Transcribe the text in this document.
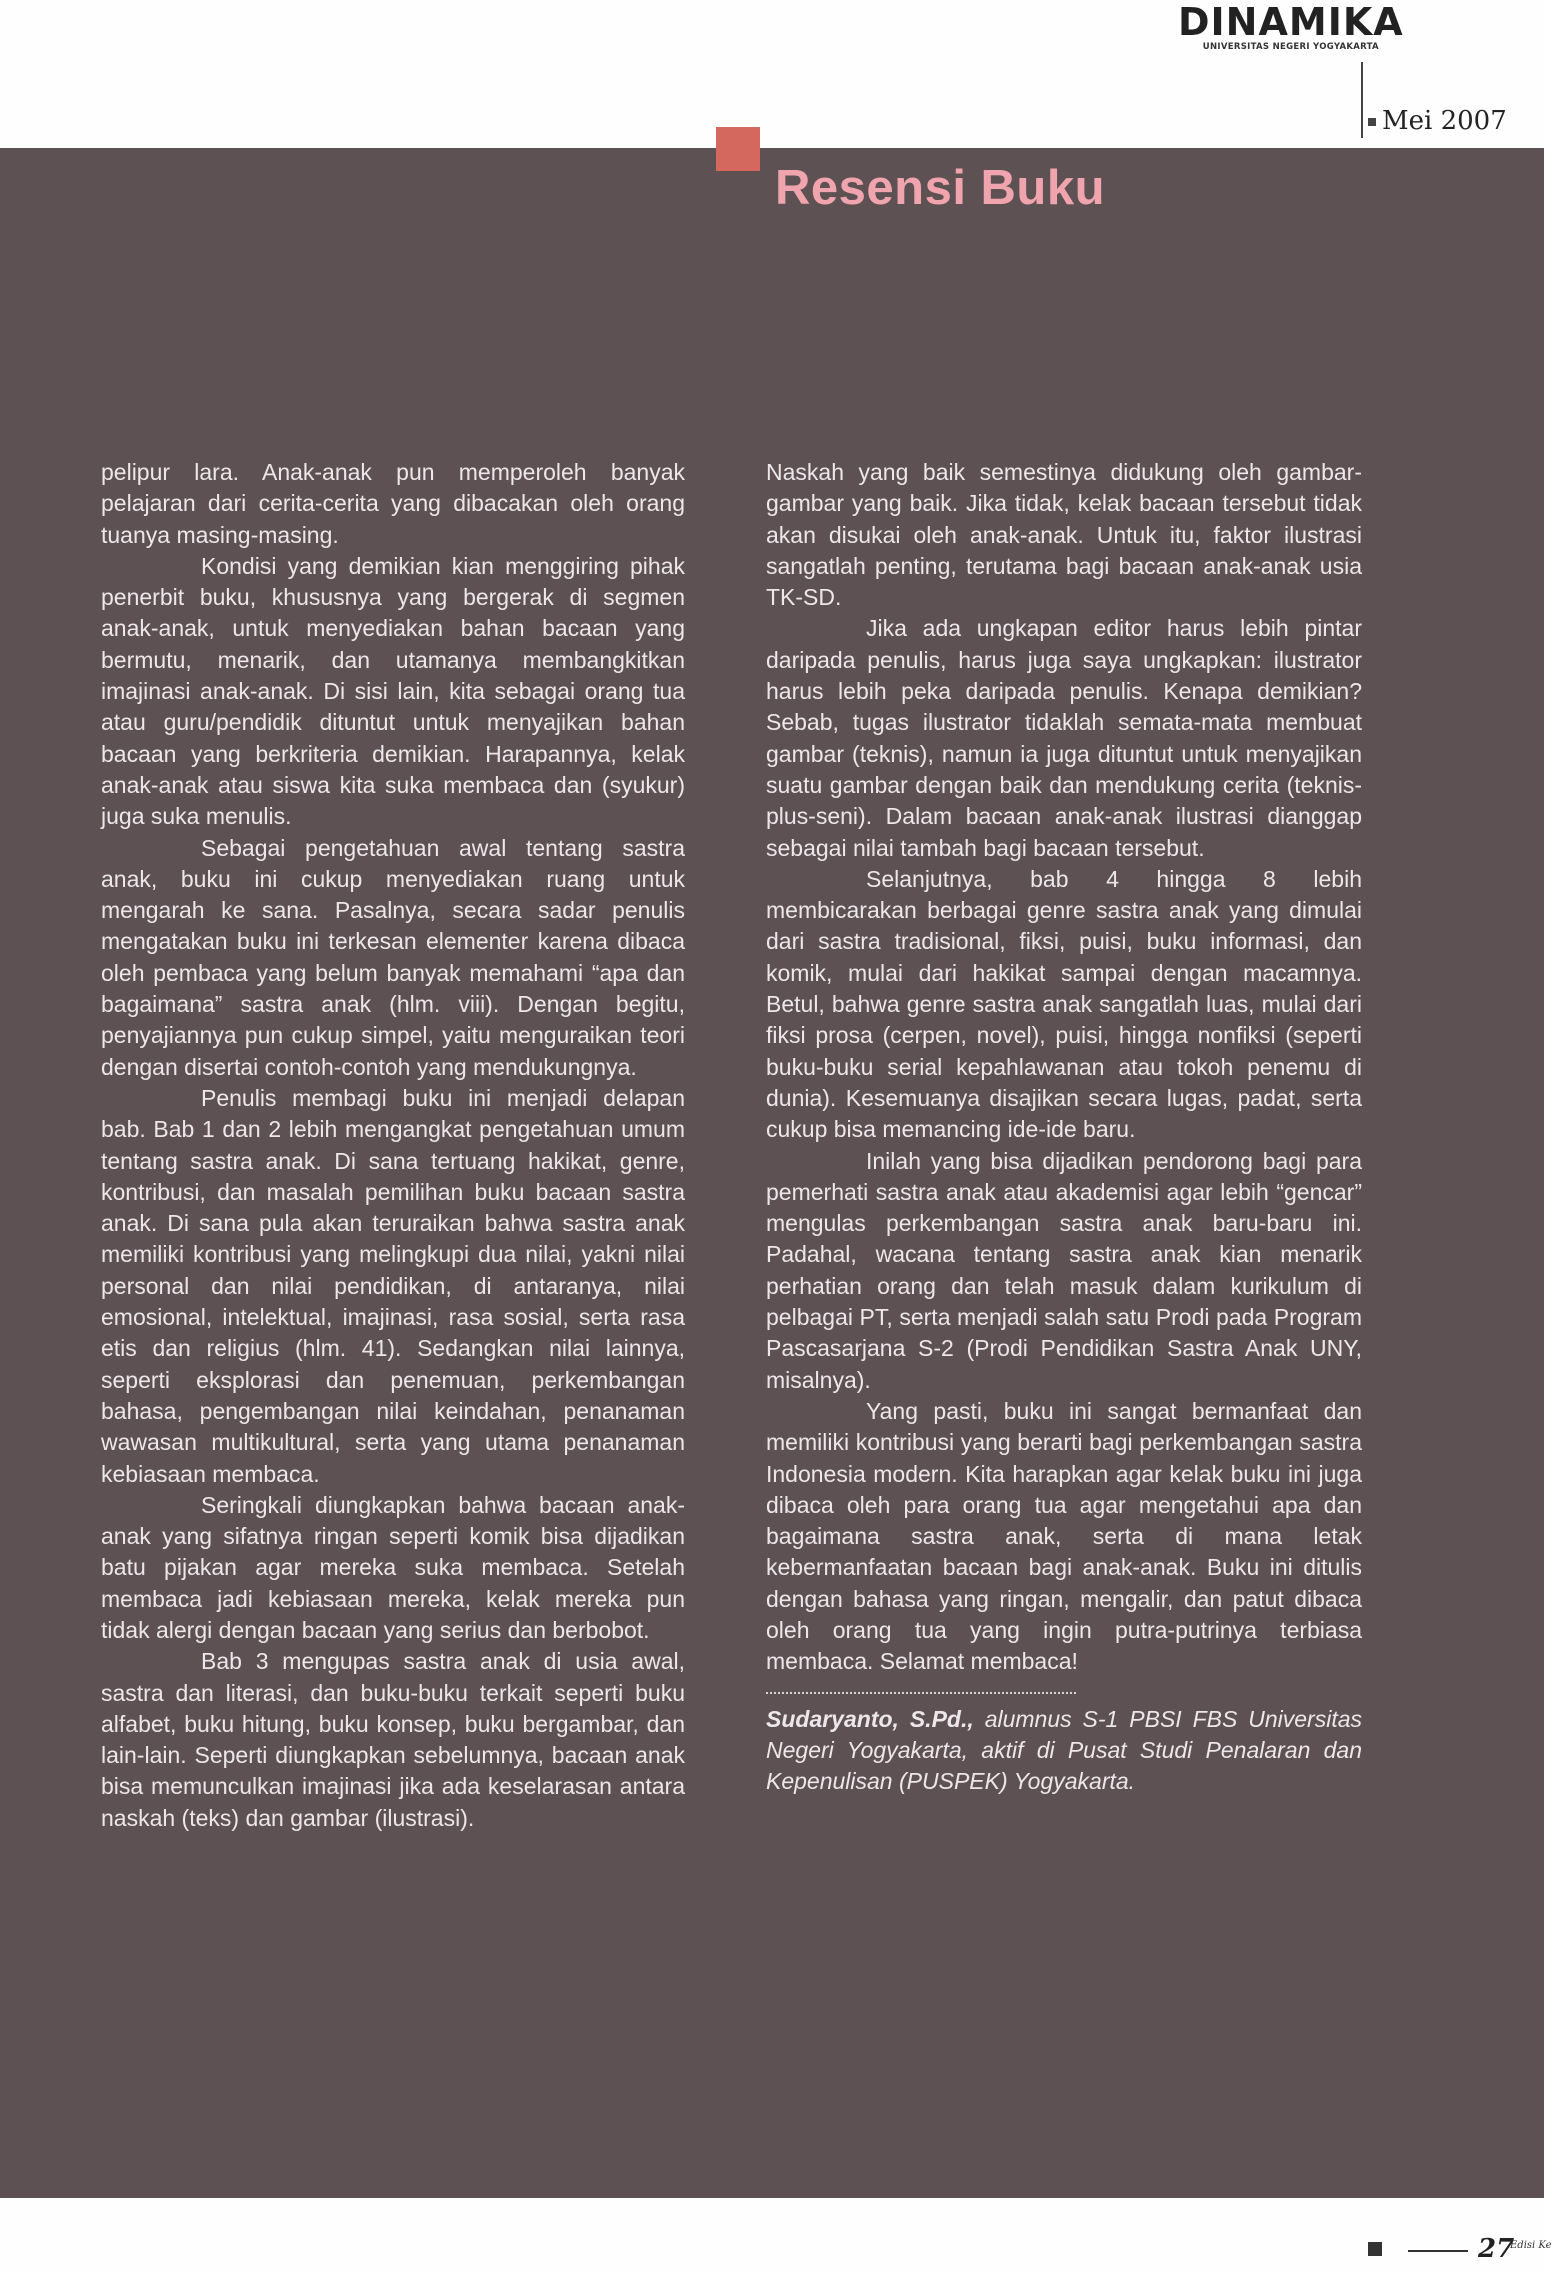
DINAMIKA
UNIVERSITAS NEGERI YOGYAKARTA
Mei 2007
Resensi Buku

pelipur lara. Anak-anak pun memperoleh banyak pelajaran dari cerita-cerita yang dibacakan oleh orang tuanya masing-masing.

Kondisi yang demikian kian menggiring pihak penerbit buku, khususnya yang bergerak di segmen anak-anak, untuk menyediakan bahan bacaan yang bermutu, menarik, dan utamanya membangkitkan imajinasi anak-anak. Di sisi lain, kita sebagai orang tua atau guru/pendidik dituntut untuk menyajikan bahan bacaan yang berkriteria demikian. Harapannya, kelak anak-anak atau siswa kita suka membaca dan (syukur) juga suka menulis.

Sebagai pengetahuan awal tentang sastra anak, buku ini cukup menyediakan ruang untuk mengarah ke sana. Pasalnya, secara sadar penulis mengatakan buku ini terkesan elementer karena dibaca oleh pembaca yang belum banyak memahami “apa dan bagaimana” sastra anak (hlm. viii). Dengan begitu, penyajiannya pun cukup simpel, yaitu menguraikan teori dengan disertai contoh-contoh yang mendukungnya.

Penulis membagi buku ini menjadi delapan bab. Bab 1 dan 2 lebih mengangkat pengetahuan umum tentang sastra anak. Di sana tertuang hakikat, genre, kontribusi, dan masalah pemilihan buku bacaan sastra anak. Di sana pula akan teruraikan bahwa sastra anak memiliki kontribusi yang melingkupi dua nilai, yakni nilai personal dan nilai pendidikan, di antaranya, nilai emosional, intelektual, imajinasi, rasa sosial, serta rasa etis dan religius (hlm. 41). Sedangkan nilai lainnya, seperti eksplorasi dan penemuan, perkembangan bahasa, pengembangan nilai keindahan, penanaman wawasan multikultural, serta yang utama penanaman kebiasaan membaca.

Seringkali diungkapkan bahwa bacaan anak-anak yang sifatnya ringan seperti komik bisa dijadikan batu pijakan agar mereka suka membaca. Setelah membaca jadi kebiasaan mereka, kelak mereka pun tidak alergi dengan bacaan yang serius dan berbobot.

Bab 3 mengupas sastra anak di usia awal, sastra dan literasi, dan buku-buku terkait seperti buku alfabet, buku hitung, buku konsep, buku bergambar, dan lain-lain. Seperti diungkapkan sebelumnya, bacaan anak bisa memunculkan imajinasi jika ada keselarasan antara naskah (teks) dan gambar (ilustrasi).

Naskah yang baik semestinya didukung oleh gambar-gambar yang baik. Jika tidak, kelak bacaan tersebut tidak akan disukai oleh anak-anak. Untuk itu, faktor ilustrasi sangatlah penting, terutama bagi bacaan anak-anak usia TK-SD.

Jika ada ungkapan editor harus lebih pintar daripada penulis, harus juga saya ungkapkan: ilustrator harus lebih peka daripada penulis. Kenapa demikian? Sebab, tugas ilustrator tidaklah semata-mata membuat gambar (teknis), namun ia juga dituntut untuk menyajikan suatu gambar dengan baik dan mendukung cerita (teknis-plus-seni). Dalam bacaan anak-anak ilustrasi dianggap sebagai nilai tambah bagi bacaan tersebut.

Selanjutnya, bab 4 hingga 8 lebih membicarakan berbagai genre sastra anak yang dimulai dari sastra tradisional, fiksi, puisi, buku informasi, dan komik, mulai dari hakikat sampai dengan macamnya. Betul, bahwa genre sastra anak sangatlah luas, mulai dari fiksi prosa (cerpen, novel), puisi, hingga nonfiksi (seperti buku-buku serial kepahlawanan atau tokoh penemu di dunia). Kesemuanya disajikan secara lugas, padat, serta cukup bisa memancing ide-ide baru.

Inilah yang bisa dijadikan pendorong bagi para pemerhati sastra anak atau akademisi agar lebih “gencar” mengulas perkembangan sastra anak baru-baru ini. Padahal, wacana tentang sastra anak kian menarik perhatian orang dan telah masuk dalam kurikulum di pelbagai PT, serta menjadi salah satu Prodi pada Program Pascasarjana S-2 (Prodi Pendidikan Sastra Anak UNY, misalnya).

Yang pasti, buku ini sangat bermanfaat dan memiliki kontribusi yang berarti bagi perkembangan sastra Indonesia modern. Kita harapkan agar kelak buku ini juga dibaca oleh para orang tua agar mengetahui apa dan bagaimana sastra anak, serta di mana letak kebermanfaatan bacaan bagi anak-anak. Buku ini ditulis dengan bahasa yang ringan, mengalir, dan patut dibaca oleh orang tua yang ingin putra-putrinya terbiasa membaca. Selamat membaca!

Sudaryanto, S.Pd., alumnus S-1 PBSI FBS Universitas Negeri Yogyakarta, aktif di Pusat Studi Penalaran dan Kepenulisan (PUSPEK) Yogyakarta.

27
Edisi Ke
